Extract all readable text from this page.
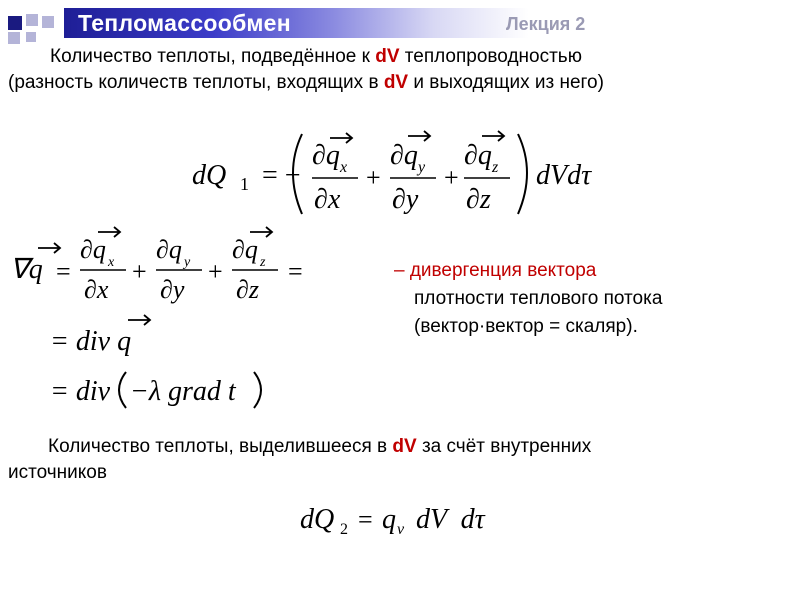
Тепломассообмен	Лекция 2
Количество теплоты, подведённое к dV теплопроводностью
(разность количеств теплоты, входящих в dV и выходящих из него)
dQ 1 = −
∂q x
∂x
+
∂q y
∂y
+
∂q z
∂z
dVdτ
∇q =
∂q x
∂x
+
∂q y
∂y
+
∂q z
∂z
=	– дивергенция вектора
плотности теплового потока
(вектор·вектор = скаляр).
= div q
= div −λ grad t
Количество теплоты, выделившееся в dV за счёт внутренних
источников
dQ 2 = q v dV  dτ
